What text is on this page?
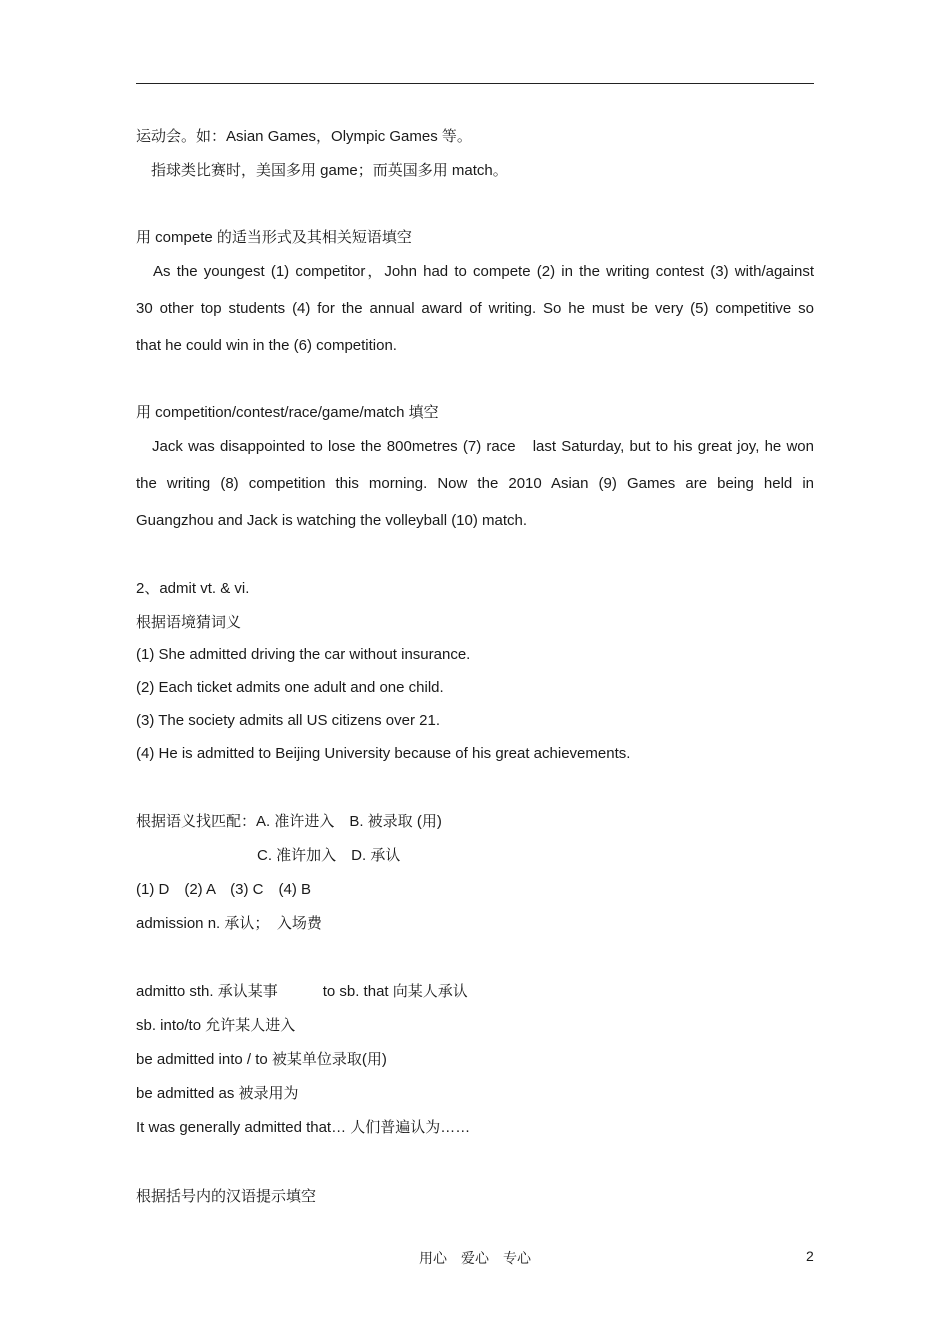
运动会。如：Asian Games，Olympic Games 等。
　指球类比赛时，美国多用 game；而英国多用 match。
用 compete 的适当形式及其相关短语填空
　As the youngest (1) competitor，John had to compete (2) in the writing contest (3) with/against
30 other top students (4) for the annual award of writing. So he must be very (5) competitive so
that he could win in the (6) competition.
用 competition/contest/race/game/match 填空
　Jack was disappointed to lose the 800metres (7) race　last Saturday, but to his great joy, he won
the writing (8) competition this morning. Now the 2010 Asian (9) Games are being held in
Guangzhou and Jack is watching the volleyball (10) match.
2、admit vt. & vi.
根据语境猜词义
(1) She admitted driving the car without insurance.
(2) Each ticket admits one adult and one child.
(3) The society admits all US citizens over 21.
(4) He is admitted to Beijing University because of his great achievements.
根据语义找匹配：A. 准许进入　B. 被录取 (用)
C. 准许加入　D. 承认
(1) D　(2) A　(3) C　(4) B
admission n. 承认；　入场费
admitto sth. 承认某事　　　to sb. that 向某人承认
sb. into/to 允许某人进入
be admitted into / to 被某单位录取(用)
be admitted as 被录用为
It was generally admitted that… 人们普遍认为……
根据括号内的汉语提示填空
用心　爱心　专心	2
